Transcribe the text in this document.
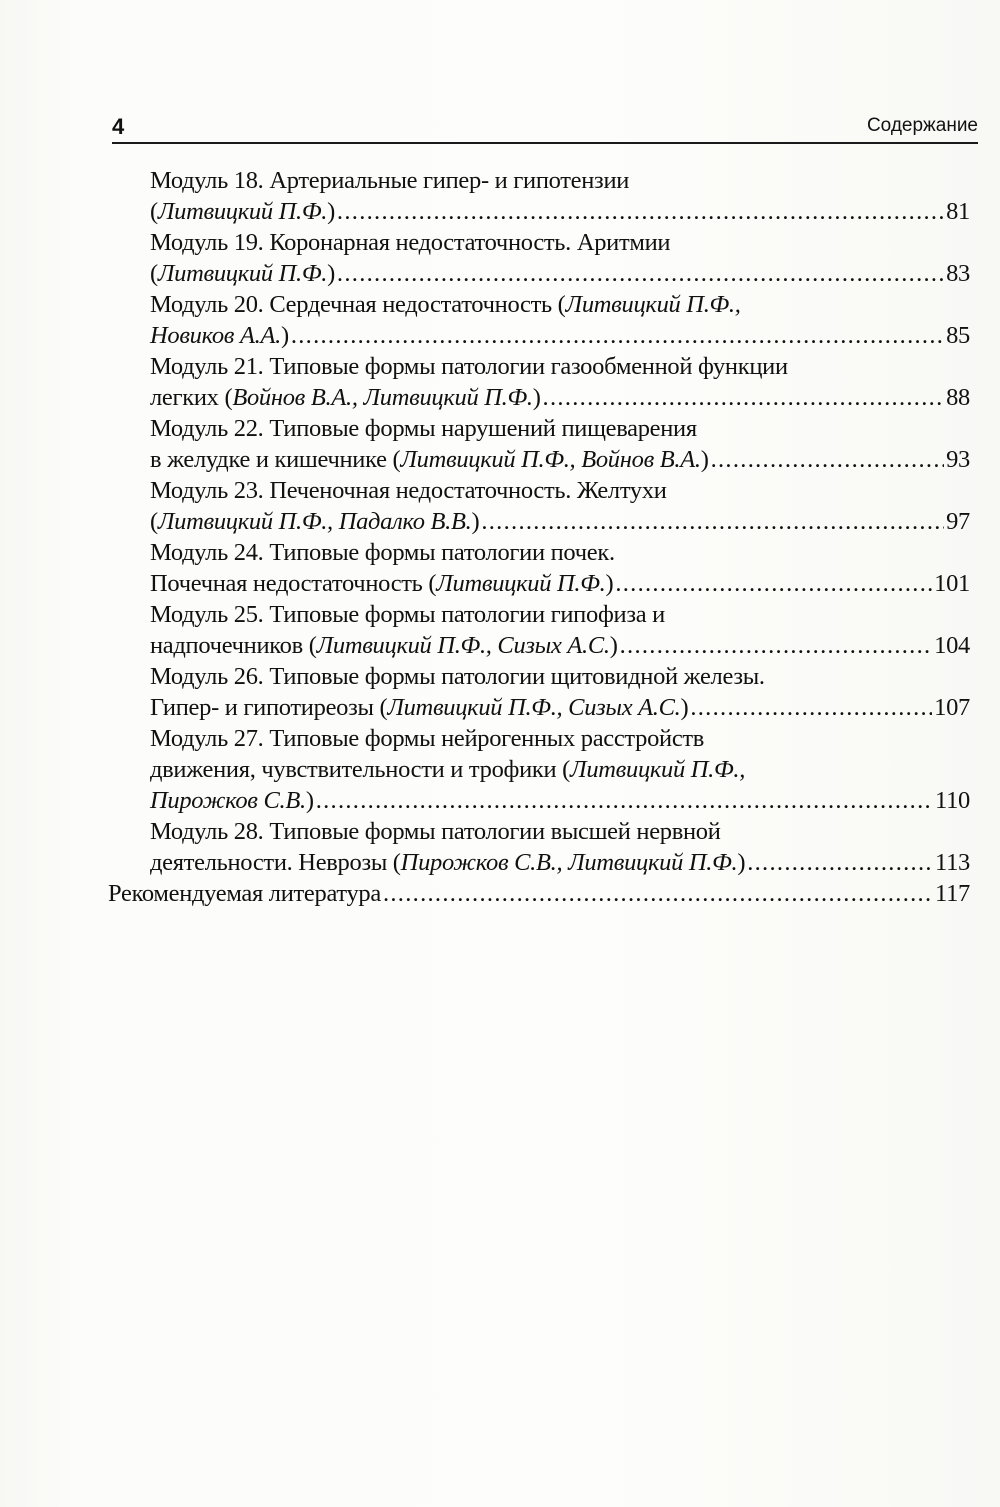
4	Содержание
Модуль 18. Артериальные гипер- и гипотензии
(Литвицкий П.Ф.) .....	81
Модуль 19. Коронарная недостаточность. Аритмии
(Литвицкий П.Ф.) .....	83
Модуль 20. Сердечная недостаточность (Литвицкий П.Ф.,
Новиков А.А.) .....	85
Модуль 21. Типовые формы патологии газообменной функции
легких (Войнов В.А., Литвицкий П.Ф.) .....	88
Модуль 22. Типовые формы нарушений пищеварения
в желудке и кишечнике (Литвицкий П.Ф., Войнов В.А.) .....	93
Модуль 23. Печеночная недостаточность. Желтухи
(Литвицкий П.Ф., Падалко В.В.) .....	97
Модуль 24. Типовые формы патологии почек.
Почечная недостаточность (Литвицкий П.Ф.) .....	101
Модуль 25. Типовые формы патологии гипофиза и
надпочечников (Литвицкий П.Ф., Сизых А.С.) .....	104
Модуль 26. Типовые формы патологии щитовидной железы.
Гипер- и гипотиреозы (Литвицкий П.Ф., Сизых А.С.) .....	107
Модуль 27. Типовые формы нейрогенных расстройств
движения, чувствительности и трофики (Литвицкий П.Ф.,
Пирожков С.В.) .....	110
Модуль 28. Типовые формы патологии высшей нервной
деятельности. Неврозы (Пирожков С.В., Литвицкий П.Ф.) .....	113
Рекомендуемая литература .....	117
